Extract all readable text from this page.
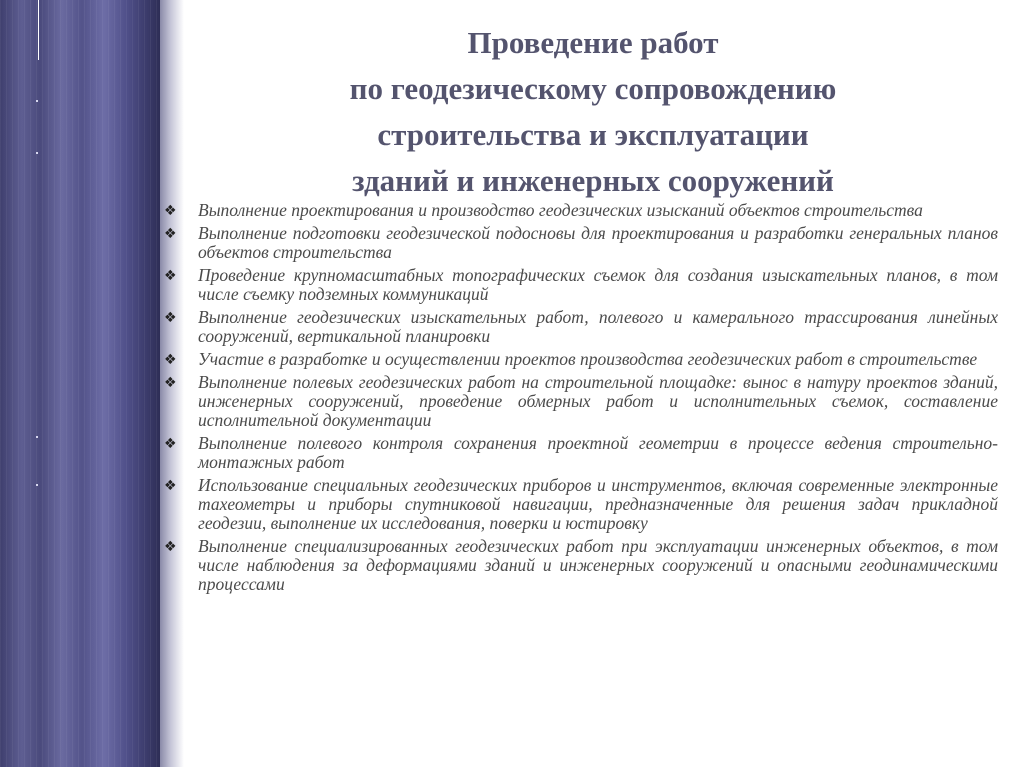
Проведение работ
по геодезическому сопровождению
строительства и эксплуатации
зданий и инженерных сооружений
❖ Выполнение проектирования и производство геодезических изысканий объектов строительства
❖ Выполнение подготовки геодезической подосновы для проектирования и разработки генеральных планов объектов строительства
❖ Проведение крупномасштабных топографических съемок для создания изыскательных планов, в том числе съемку подземных коммуникаций
❖ Выполнение геодезических изыскательных работ, полевого и камерального трассирования линейных сооружений, вертикальной планировки
❖ Участие в разработке и осуществлении проектов производства геодезических работ в строительстве
❖ Выполнение полевых геодезических работ на строительной площадке: вынос в натуру проектов зданий, инженерных сооружений, проведение обмерных работ и исполнительных съемок, составление исполнительной документации
❖ Выполнение полевого контроля сохранения проектной геометрии в процессе ведения строительно-монтажных работ
❖ Использование специальных геодезических приборов и инструментов, включая современные электронные тахеометры и приборы спутниковой навигации, предназначенные для решения задач прикладной геодезии, выполнение их исследования, поверки и юстировку
❖ Выполнение специализированных геодезических работ при эксплуатации инженерных объектов, в том числе наблюдения за деформациями зданий и инженерных сооружений и опасными геодинамическими процессами
